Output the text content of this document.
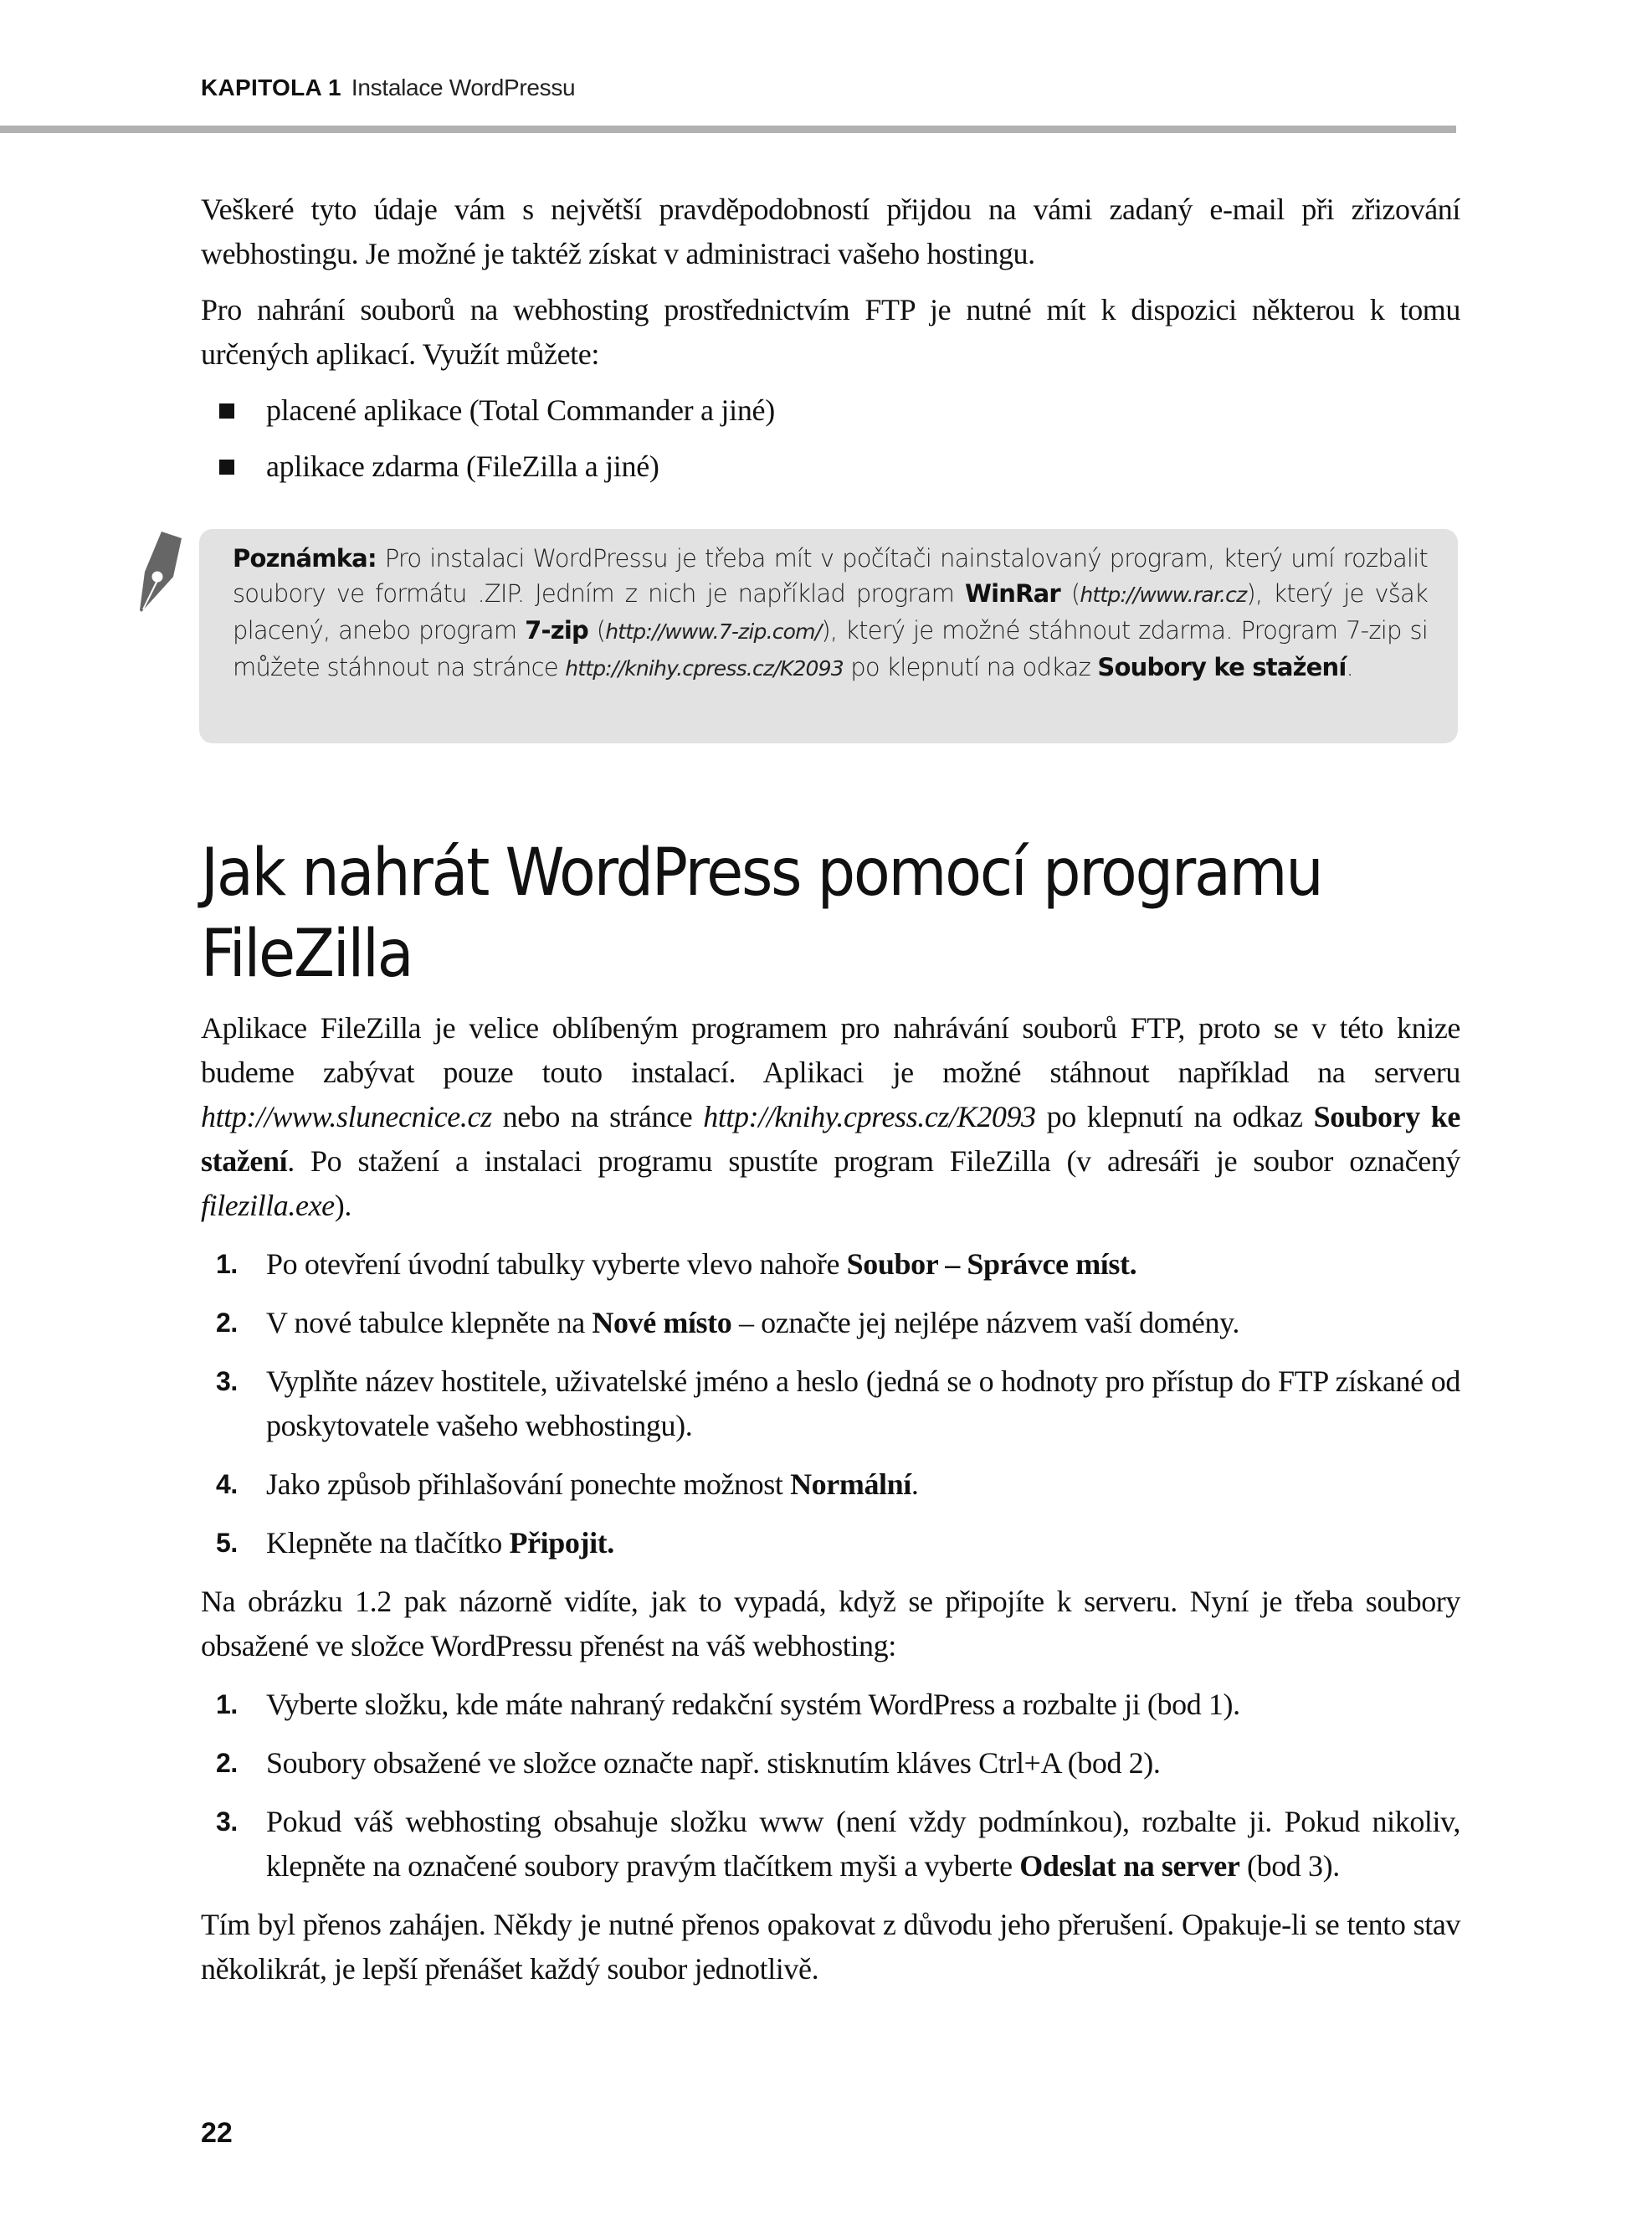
KAPITOLA 1 Instalace WordPressu

Veškeré tyto údaje vám s největší pravděpodobností přijdou na vámi zadaný e-mail při zřizování webhostingu. Je možné je taktéž získat v administraci vašeho hostingu.

Pro nahrání souborů na webhosting prostřednictvím FTP je nutné mít k dispozici některou k tomu určených aplikací. Využít můžete:

placené aplikace (Total Commander a jiné)
aplikace zdarma (FileZilla a jiné)

Poznámka: Pro instalaci WordPressu je třeba mít v počítači nainstalovaný program, který umí rozbalit soubory ve formátu .ZIP. Jedním z nich je například program WinRar (http://www.rar.cz), který je však placený, anebo program 7-zip (http://www.7-zip.com/), který je možné stáhnout zdarma. Program 7-zip si můžete stáhnout na stránce http://knihy.cpress.cz/K2093 po klepnutí na odkaz Soubory ke stažení.

Jak nahrát WordPress pomocí programu FileZilla

Aplikace FileZilla je velice oblíbeným programem pro nahrávání souborů FTP, proto se v této knize budeme zabývat pouze touto instalací. Aplikaci je možné stáhnout například na serveru http://www.slunecnice.cz nebo na stránce http://knihy.cpress.cz/K2093 po klepnutí na odkaz Soubory ke stažení. Po stažení a instalaci programu spustíte program FileZilla (v adresáři je soubor označený filezilla.exe).

1. Po otevření úvodní tabulky vyberte vlevo nahoře Soubor – Správce míst.
2. V nové tabulce klepněte na Nové místo – označte jej nejlépe názvem vaší domény.
3. Vyplňte název hostitele, uživatelské jméno a heslo (jedná se o hodnoty pro přístup do FTP získané od poskytovatele vašeho webhostingu).
4. Jako způsob přihlašování ponechte možnost Normální.
5. Klepněte na tlačítko Připojit.

Na obrázku 1.2 pak názorně vidíte, jak to vypadá, když se připojíte k serveru. Nyní je třeba soubory obsažené ve složce WordPressu přenést na váš webhosting:

1. Vyberte složku, kde máte nahraný redakční systém WordPress a rozbalte ji (bod 1).
2. Soubory obsažené ve složce označte např. stisknutím kláves Ctrl+A (bod 2).
3. Pokud váš webhosting obsahuje složku www (není vždy podmínkou), rozbalte ji. Pokud nikoliv, klepněte na označené soubory pravým tlačítkem myši a vyberte Odeslat na server (bod 3).

Tím byl přenos zahájen. Někdy je nutné přenos opakovat z důvodu jeho přerušení. Opakuje-li se tento stav několikrát, je lepší přenášet každý soubor jednotlivě.

22
